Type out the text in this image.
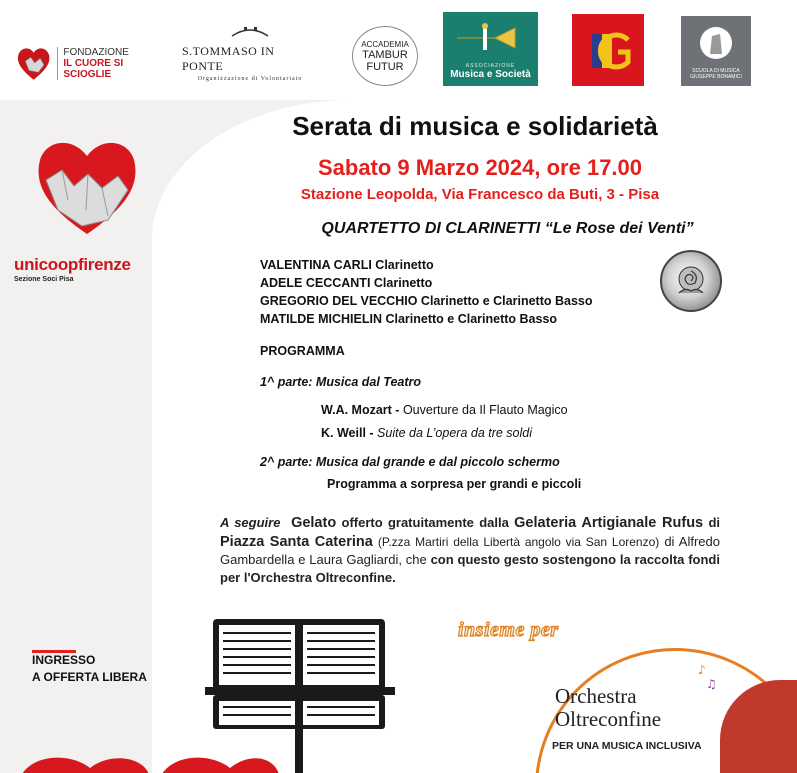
FONDAZIONE
IL CUORE SI SCIOGLIE
S.TOMMASO IN PONTE
Organizzazione di Volontariato
ACCADEMIA
TAMBUR
FUTUR	ASSOCIAZIONE
Musica e Società	SCUOLA DI MUSICA
GIUSEPPE BONAMICI
unicoopfirenze
Sezione Soci Pisa
Serata di musica e solidarietà
Sabato 9 Marzo 2024, ore 17.00
Stazione Leopolda, Via Francesco da Buti, 3 - Pisa
QUARTETTO DI CLARINETTI “Le Rose dei Venti”
VALENTINA CARLI Clarinetto
ADELE CECCANTI Clarinetto
GREGORIO DEL VECCHIO Clarinetto e Clarinetto Basso
MATILDE MICHIELIN Clarinetto e Clarinetto Basso
PROGRAMMA
1^ parte: Musica dal Teatro
W.A. Mozart - Ouverture da Il Flauto Magico
K. Weill - Suite da L’opera da tre soldi
2^ parte: Musica dal grande e dal piccolo schermo
Programma a sorpresa per grandi e piccoli
A seguire Gelato offerto gratuitamente dalla Gelateria Artigianale Rufus di Piazza Santa Caterina (P.zza Martiri della Libertà angolo via San Lorenzo) di Alfredo Gambardella e Laura Gagliardi, che con questo gesto sostengono la raccolta fondi per l'Orchestra Oltreconfine.
INGRESSO
A OFFERTA LIBERA
insieme per
♪
♫
Orchestra
Oltreconfine
PER UNA MUSICA INCLUSIVA
